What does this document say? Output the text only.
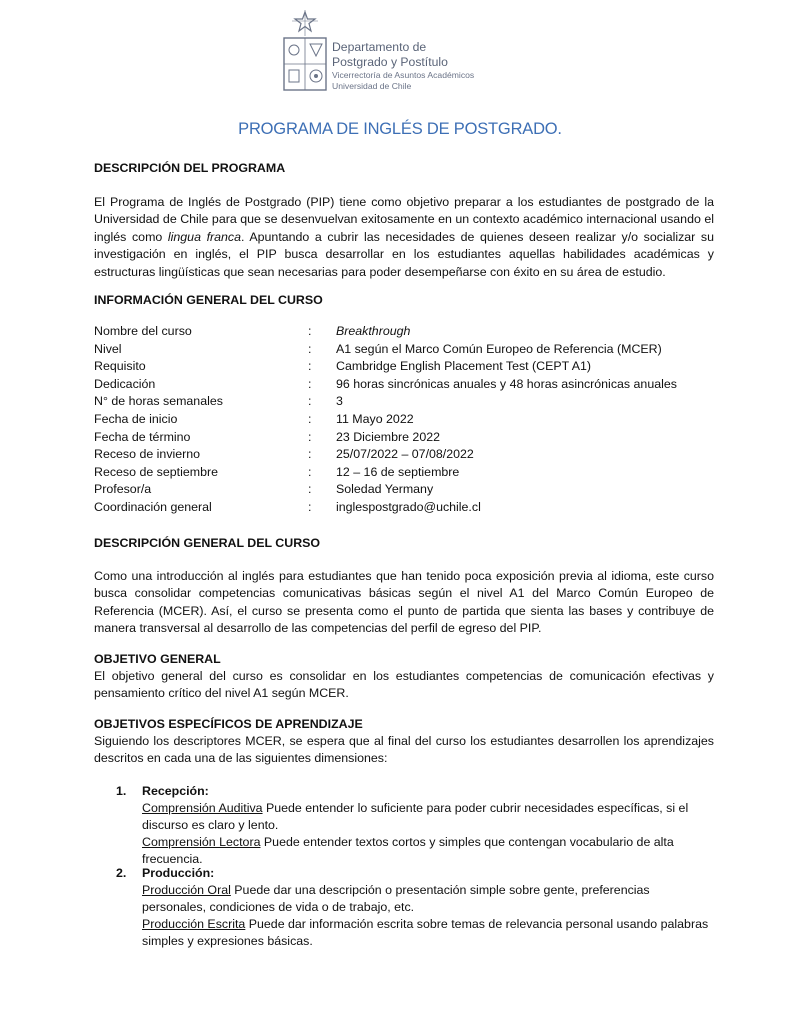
Departamento de
Postgrado y Postítulo
Vicerrectoría de Asuntos Académicos
Universidad de Chile
PROGRAMA DE INGLÉS DE POSTGRADO.
DESCRIPCIÓN DEL PROGRAMA
El Programa de Inglés de Postgrado (PIP) tiene como objetivo preparar a los estudiantes de postgrado de la Universidad de Chile para que se desenvuelvan exitosamente en un contexto académico internacional usando el inglés como lingua franca. Apuntando a cubrir las necesidades de quienes deseen realizar y/o socializar su investigación en inglés, el PIP busca desarrollar en los estudiantes aquellas habilidades académicas y estructuras lingüísticas que sean necesarias para poder desempeñarse con éxito en su área de estudio.
INFORMACIÓN GENERAL DEL CURSO
Nombre del curso	: Breakthrough
Nivel	: A1 según el Marco Común Europeo de Referencia (MCER)
Requisito	: Cambridge English Placement Test (CEPT A1)
Dedicación	: 96 horas sincrónicas anuales y 48 horas asincrónicas anuales
N° de horas semanales	: 3
Fecha de inicio	: 11 Mayo 2022
Fecha de término	: 23 Diciembre 2022
Receso de invierno	: 25/07/2022 – 07/08/2022
Receso de septiembre	: 12 – 16 de septiembre
Profesor/a	: Soledad Yermany
Coordinación general	: inglespostgrado@uchile.cl
DESCRIPCIÓN GENERAL DEL CURSO
Como una introducción al inglés para estudiantes que han tenido poca exposición previa al idioma, este curso busca consolidar competencias comunicativas básicas según el nivel A1 del Marco Común Europeo de Referencia (MCER). Así, el curso se presenta como el punto de partida que sienta las bases y contribuye de manera transversal al desarrollo de las competencias del perfil de egreso del PIP.
OBJETIVO GENERAL
El objetivo general del curso es consolidar en los estudiantes competencias de comunicación efectivas y pensamiento crítico del nivel A1 según MCER.
OBJETIVOS ESPECÍFICOS DE APRENDIZAJE
Siguiendo los descriptores MCER, se espera que al final del curso los estudiantes desarrollen los aprendizajes descritos en cada una de las siguientes dimensiones:
1. Recepción:
Comprensión Auditiva Puede entender lo suficiente para poder cubrir necesidades específicas, si el discurso es claro y lento.
Comprensión Lectora Puede entender textos cortos y simples que contengan vocabulario de alta frecuencia.
2. Producción:
Producción Oral Puede dar una descripción o presentación simple sobre gente, preferencias personales, condiciones de vida o de trabajo, etc.
Producción Escrita Puede dar información escrita sobre temas de relevancia personal usando palabras simples y expresiones básicas.
